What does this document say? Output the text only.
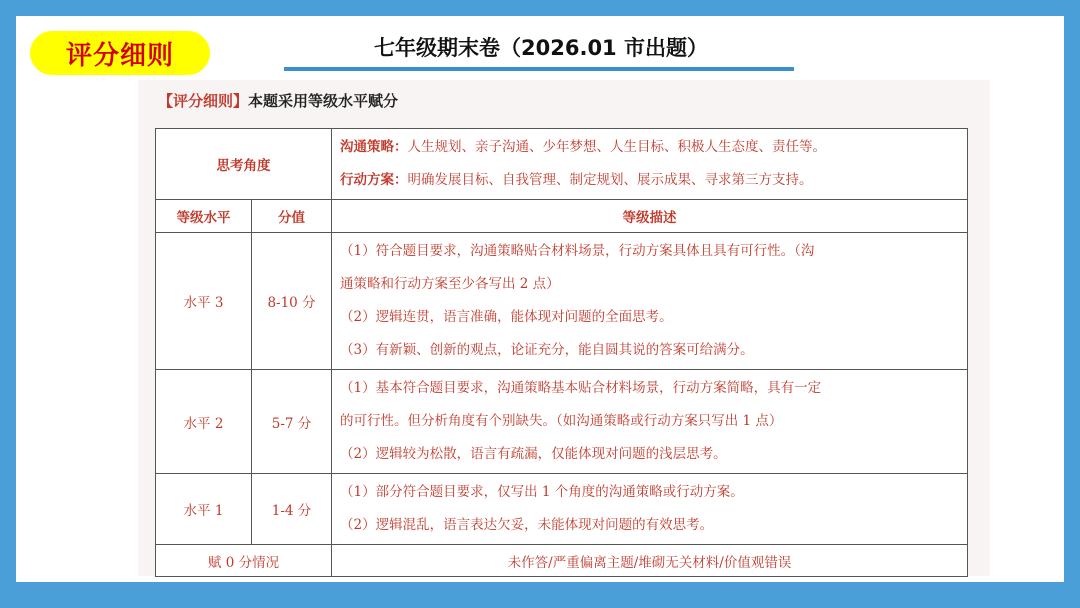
评分细则	七年级期末卷（2026.01 市出题）
【评分细则】本题采用等级水平赋分
思考角度		沟通策略：人生规划、亲子沟通、少年梦想、人生目标、积极人生态度、责任等。

行动方案：明确发展目标、自我管理、制定规划、展示成果、寻求第三方支持。

等级水平	分值	等级描述
水平 3	8-10 分	（1）符合题目要求，沟通策略贴合材料场景，行动方案具体且具有可行性。（沟

通策略和行动方案至少各写出 2 点）

（2）逻辑连贯，语言准确，能体现对问题的全面思考。

（3）有新颖、创新的观点，论证充分，能自圆其说的答案可给满分。

水平 2	5-7 分	（1）基本符合题目要求，沟通策略基本贴合材料场景，行动方案简略，具有一定

的可行性。但分析角度有个别缺失。（如沟通策略或行动方案只写出 1 点）

（2）逻辑较为松散，语言有疏漏，仅能体现对问题的浅层思考。

水平 1	1-4 分	（1）部分符合题目要求，仅写出 1 个角度的沟通策略或行动方案。

（2）逻辑混乱，语言表达欠妥，未能体现对问题的有效思考。

赋 0 分情况		未作答/严重偏离主题/堆砌无关材料/价值观错误
